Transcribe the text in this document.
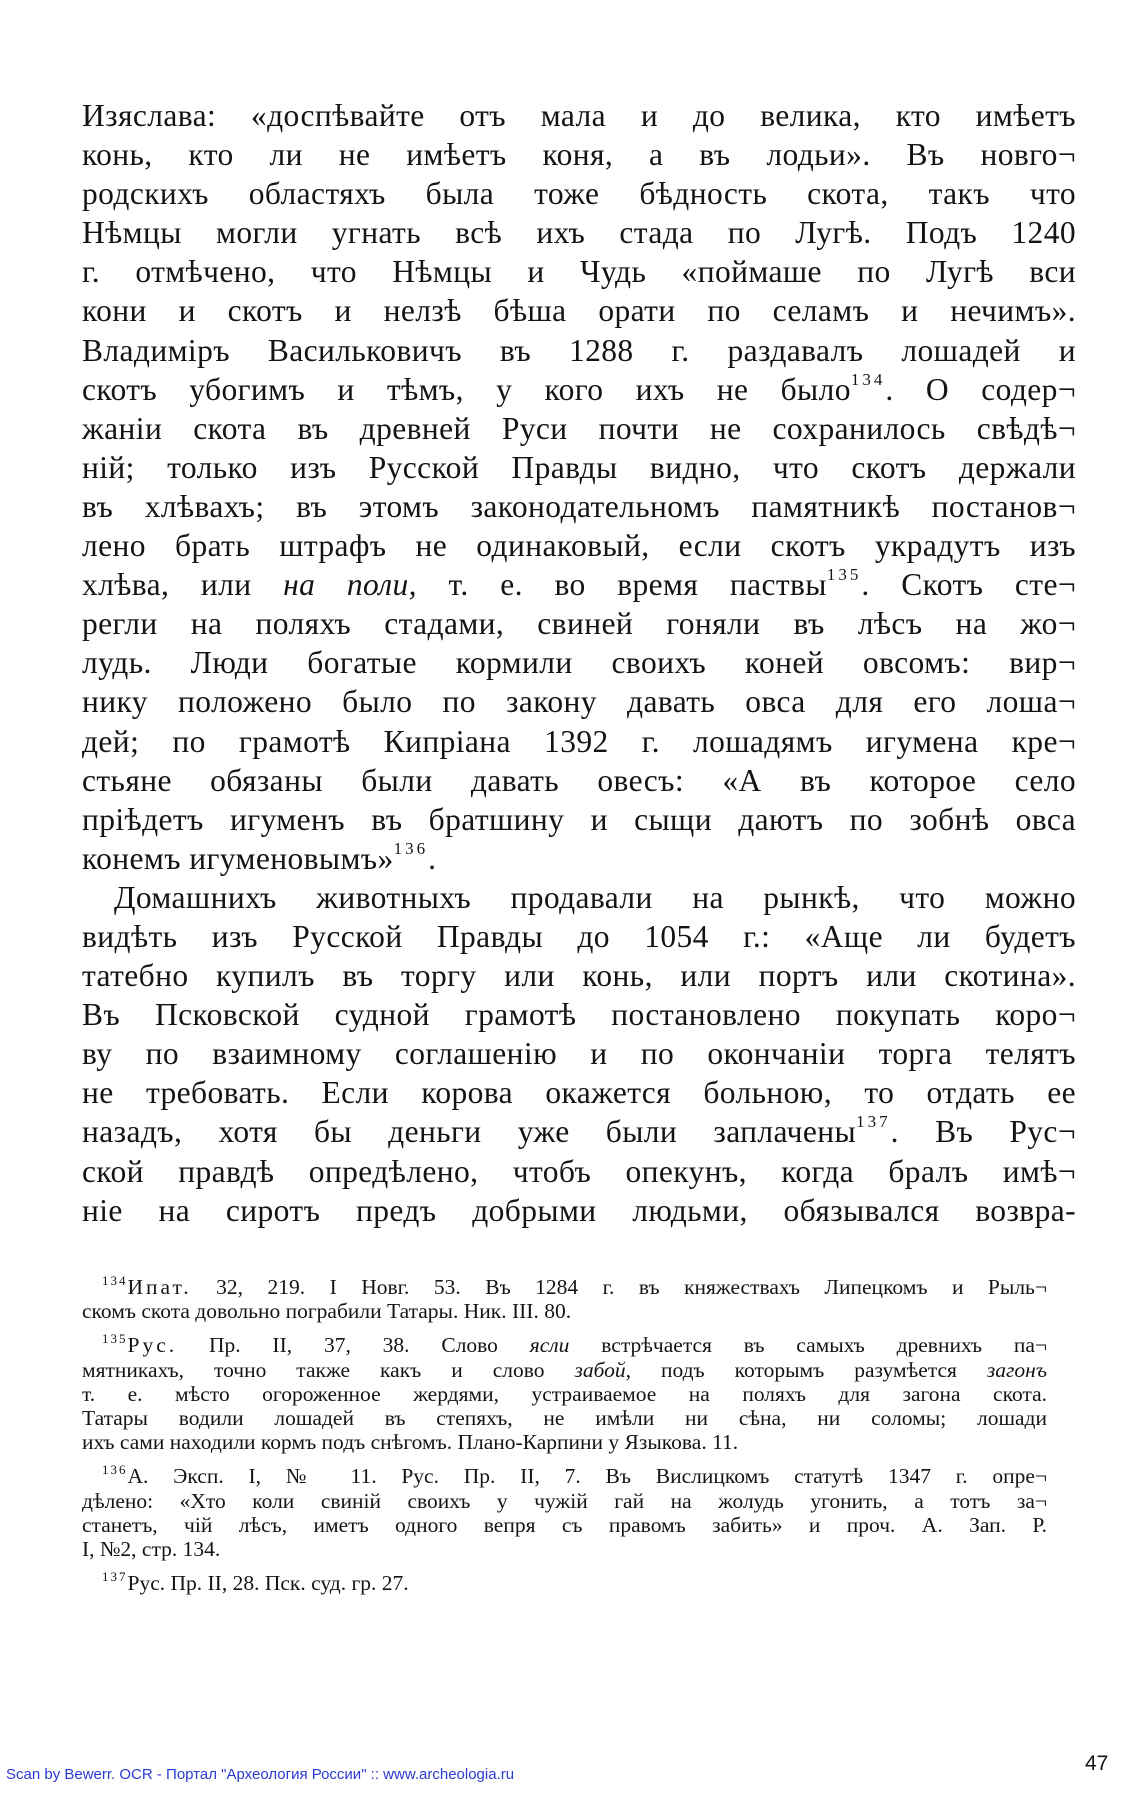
Изяслава: «доспѣвайте отъ мала и до велика, кто имѣетъ
конь, кто ли не имѣетъ коня, а въ лодьи». Въ новго¬
родскихъ областяхъ была тоже бѣдность скота, такъ что
Нѣмцы могли угнать всѣ ихъ стада по Лугѣ. Подъ 1240
г. отмѣчено, что Нѣмцы и Чудь «поймаше по Лугѣ вси
кони и скотъ и нелзѣ бѣша орати по селамъ и нечимъ».
Владиміръ Васильковичъ въ 1288 г. раздавалъ лошадей и
скотъ убогимъ и тѣмъ, у кого ихъ не было$^{134}$. О содер¬
жаніи скота въ древней Руси почти не сохранилось свѣдѣ¬
ній; только изъ Русской Правды видно, что скотъ держали
въ хлѣвахъ; въ этомъ законодательномъ памятникѣ постанов¬
лено брать штрафъ не одинаковый, если скотъ украдутъ изъ
хлѣва, или на поли, т. е. во время паствы$^{135}$. Скотъ сте¬
регли на поляхъ стадами, свиней гоняли въ лѣсъ на жо¬
лудь. Люди богатые кормили своихъ коней овсомъ: вир¬
нику положено было по закону давать овса для его лоша¬
дей; по грамотѣ Кипріана 1392 г. лошадямъ игумена кре¬
стьяне обязаны были давать овесъ: «А въ которое село
пріѣдетъ игуменъ въ братшину и сыщи даютъ по зобнѣ овса
конемъ игуменовымъ»$^{136}$.
Домашнихъ животныхъ продавали на рынкѣ, что можно
видѣть изъ Русской Правды до 1054 г.: «Аще ли будетъ
татебно купилъ въ торгу или конь, или портъ или скотина».
Въ Псковской судной грамотѣ постановлено покупать коро¬
ву по взаимному соглашенію и по окончаніи торга телятъ
не требовать. Если корова окажется больною, то отдать ее
назадъ, хотя бы деньги уже были заплачены$^{137}$. Въ Рус¬
ской правдѣ опредѣлено, чтобъ опекунъ, когда бралъ имѣ¬
ніе на сиротъ предъ добрыми людьми, обязывался возвра-
$^{134}$Ипат. 32, 219. I Новг. 53. Въ 1284 г. въ княжествахъ Липецкомъ и Рыль¬
скомъ скота довольно пограбили Татары. Ник. III. 80.
$^{135}$Рус. Пр. II, 37, 38. Слово ясли встрѣчается въ самыхъ древнихъ па¬
мятникахъ, точно также какъ и слово забой, подъ которымъ разумѣется загонъ
т. е. мѣсто огороженное жердями, устраиваемое на поляхъ для загона скота.
Татары водили лошадей въ степяхъ, не имѣли ни сѣна, ни соломы; лошади
ихъ сами находили кормъ подъ снѣгомъ. Плано-Карпини у Языкова. 11.
$^{136}$А. Эксп. I, № 11. Рус. Пр. II, 7. Въ Вислицкомъ статутѣ 1347 г. опре¬
дѣлено: «Хто коли свиній своихъ у чужій гай на жолудь угонить, а тотъ за¬
станетъ, чій лѣсъ, иметъ одного вепря съ правомъ забить» и проч. А. Зап. Р.
I, №2, стр. 134.
$^{137}$Рус. Пр. II, 28. Пск. суд. гр. 27.
Scan by Bewerr. OCR - Портал "Археология России" :: www.archeologia.ru	47
